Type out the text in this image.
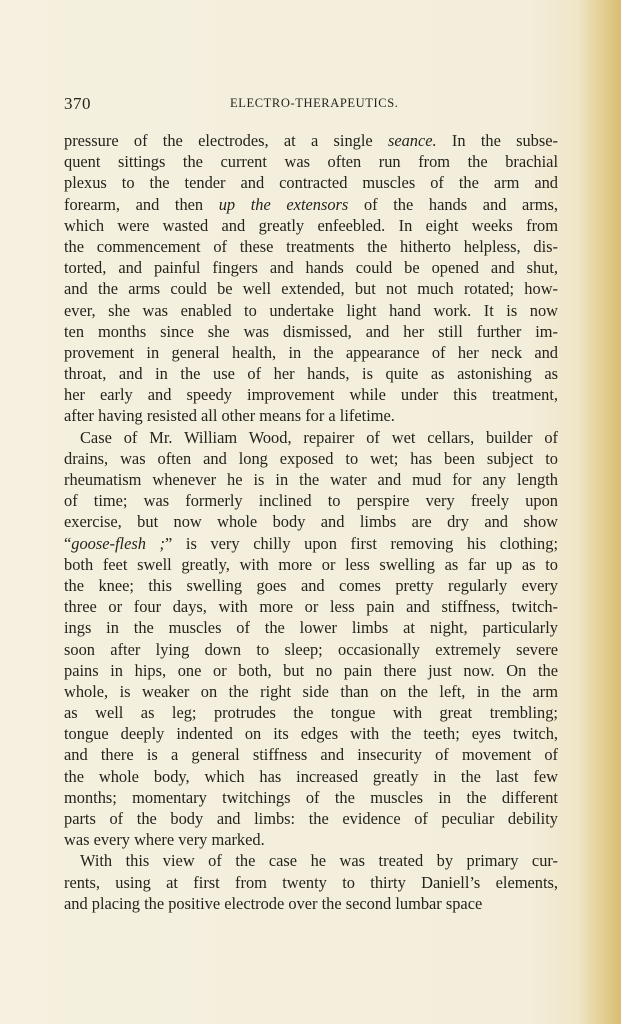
370	ELECTRO-THERAPEUTICS.
pressure of the electrodes, at a single seance. In the subse-
quent sittings the current was often run from the brachial
plexus to the tender and contracted muscles of the arm and
forearm, and then up the extensors of the hands and arms,
which were wasted and greatly enfeebled. In eight weeks from
the commencement of these treatments the hitherto helpless, dis-
torted, and painful fingers and hands could be opened and shut,
and the arms could be well extended, but not much rotated; how-
ever, she was enabled to undertake light hand work. It is now
ten months since she was dismissed, and her still further im-
provement in general health, in the appearance of her neck and
throat, and in the use of her hands, is quite as astonishing as
her early and speedy improvement while under this treatment,
after having resisted all other means for a lifetime.
Case of Mr. William Wood, repairer of wet cellars, builder of
drains, was often and long exposed to wet; has been subject to
rheumatism whenever he is in the water and mud for any length
of time; was formerly inclined to perspire very freely upon
exercise, but now whole body and limbs are dry and show
“goose-flesh ;” is very chilly upon first removing his clothing;
both feet swell greatly, with more or less swelling as far up as to
the knee; this swelling goes and comes pretty regularly every
three or four days, with more or less pain and stiffness, twitch-
ings in the muscles of the lower limbs at night, particularly
soon after lying down to sleep; occasionally extremely severe
pains in hips, one or both, but no pain there just now. On the
whole, is weaker on the right side than on the left, in the arm
as well as leg; protrudes the tongue with great trembling;
tongue deeply indented on its edges with the teeth; eyes twitch,
and there is a general stiffness and insecurity of movement of
the whole body, which has increased greatly in the last few
months; momentary twitchings of the muscles in the different
parts of the body and limbs: the evidence of peculiar debility
was every where very marked.
With this view of the case he was treated by primary cur-
rents, using at first from twenty to thirty Daniell’s elements,
and placing the positive electrode over the second lumbar space
